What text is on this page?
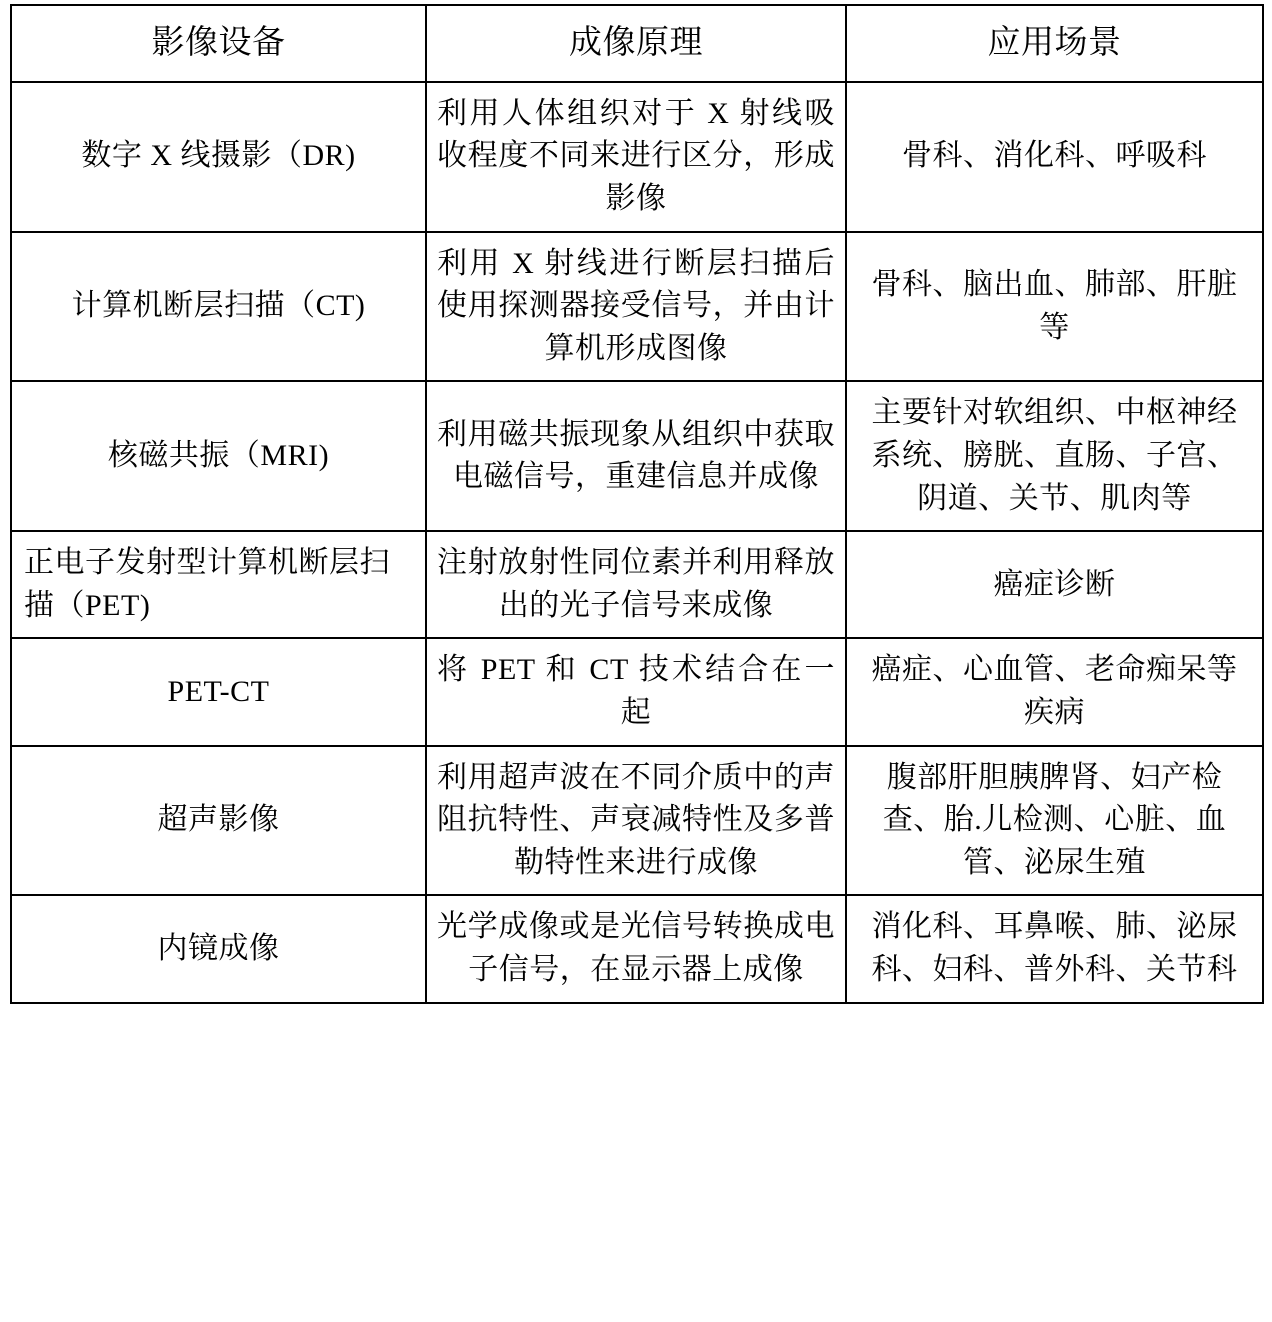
影像设备	成像原理	应用场景
数字 X 线摄影（DR)	利用人体组织对于 X 射线吸收程度不同来进行区分，形成影像	骨科、消化科、呼吸科
计算机断层扫描（CT)	利用 X 射线进行断层扫描后使用探测器接受信号，并由计算机形成图像	骨科、脑出血、肺部、肝脏等
核磁共振（MRI)	利用磁共振现象从组织中获取电磁信号，重建信息并成像	主要针对软组织、中枢神经系统、膀胱、直肠、子宫、阴道、关节、肌肉等
正电子发射型计算机断层扫描（PET)	注射放射性同位素并利用释放出的光子信号来成像	癌症诊断
PET-CT	将 PET 和 CT 技术结合在一起	癌症、心血管、老命痴呆等疾病
超声影像	利用超声波在不同介质中的声阻抗特性、声衰减特性及多普勒特性来进行成像	腹部肝胆胰脾肾、妇产检查、胎.儿检测、心脏、血管、泌尿生殖
内镜成像	光学成像或是光信号转换成电子信号，在显示器上成像	消化科、耳鼻喉、肺、泌尿科、妇科、普外科、关节科
